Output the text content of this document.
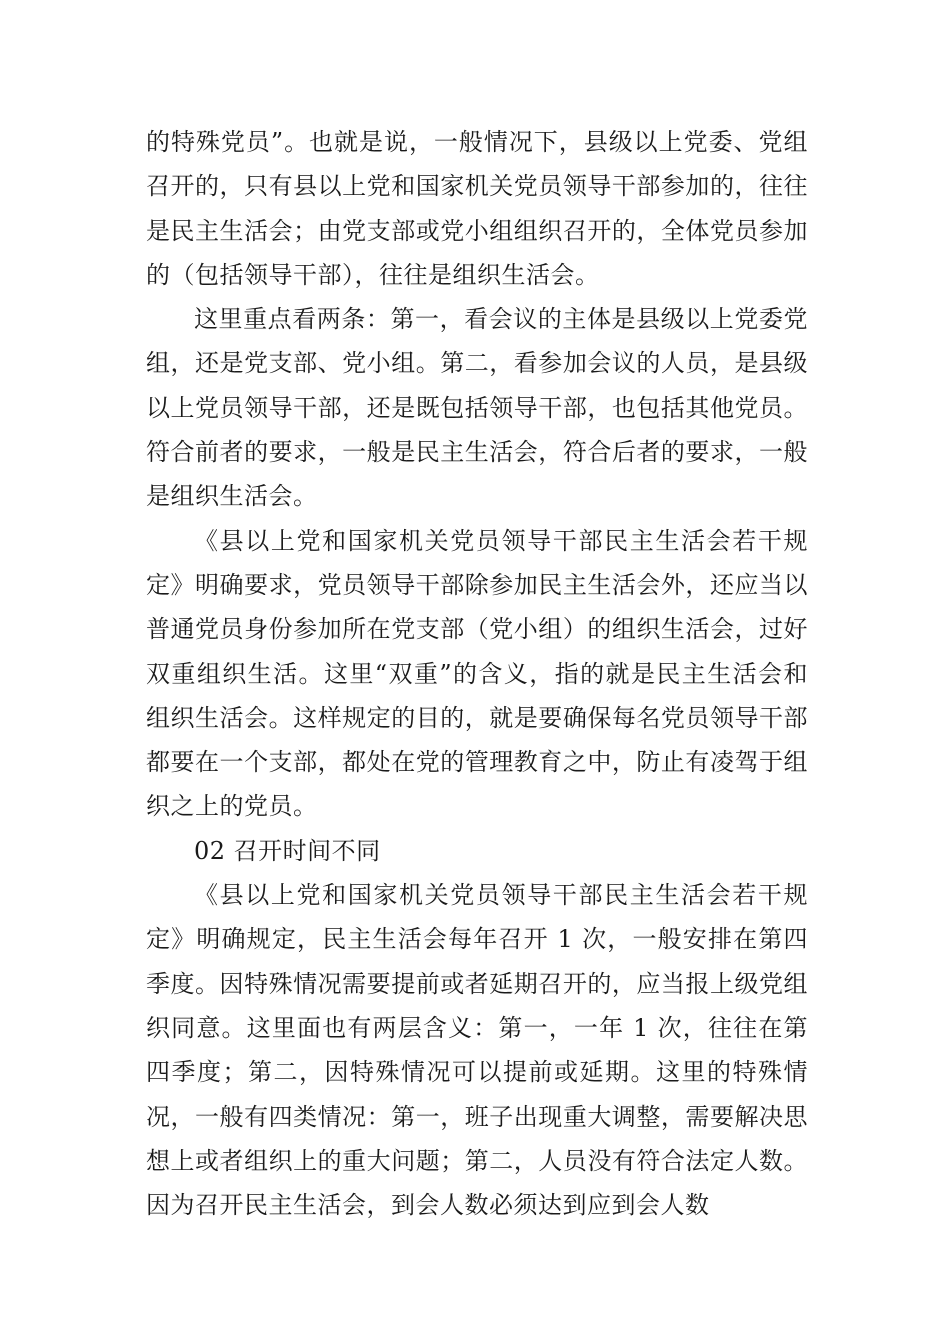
的特殊党员”。也就是说，一般情况下，县级以上党委、党组召开的，只有县以上党和国家机关党员领导干部参加的，往往是民主生活会；由党支部或党小组组织召开的，全体党员参加的（包括领导干部），往往是组织生活会。

这里重点看两条：第一，看会议的主体是县级以上党委党组，还是党支部、党小组。第二，看参加会议的人员，是县级以上党员领导干部，还是既包括领导干部，也包括其他党员。符合前者的要求，一般是民主生活会，符合后者的要求，一般是组织生活会。

《县以上党和国家机关党员领导干部民主生活会若干规定》明确要求，党员领导干部除参加民主生活会外，还应当以普通党员身份参加所在党支部（党小组）的组织生活会，过好双重组织生活。这里“双重”的含义，指的就是民主生活会和组织生活会。这样规定的目的，就是要确保每名党员领导干部都要在一个支部，都处在党的管理教育之中，防止有凌驾于组织之上的党员。

02 召开时间不同

《县以上党和国家机关党员领导干部民主生活会若干规定》明确规定，民主生活会每年召开 1 次，一般安排在第四季度。因特殊情况需要提前或者延期召开的，应当报上级党组织同意。这里面也有两层含义：第一，一年 1 次，往往在第四季度；第二，因特殊情况可以提前或延期。这里的特殊情况，一般有四类情况：第一，班子出现重大调整，需要解决思想上或者组织上的重大问题；第二，人员没有符合法定人数。因为召开民主生活会，到会人数必须达到应到会人数
